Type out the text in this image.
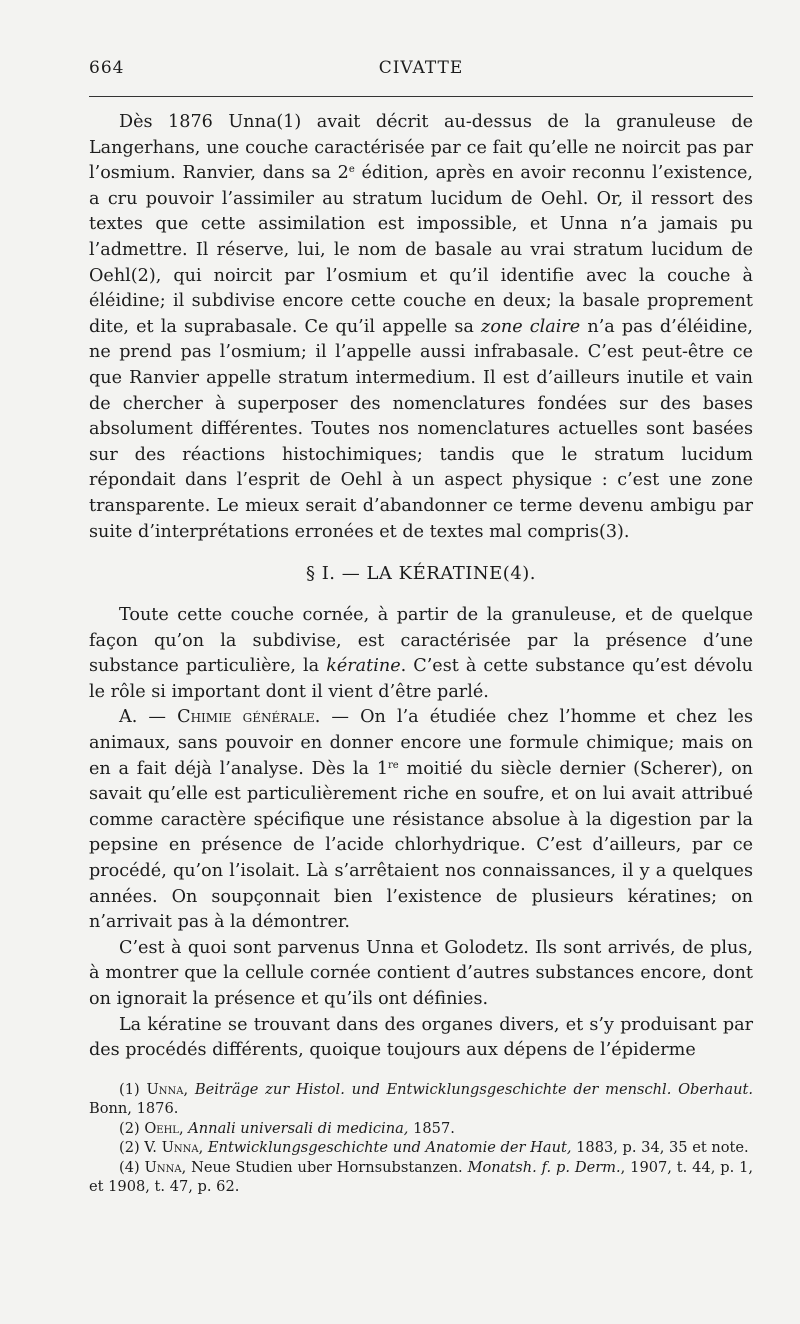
664	CIVATTE

Dès 1876 Unna(1) avait décrit au-dessus de la granuleuse de Langerhans, une couche caractérisée par ce fait qu’elle ne noircit pas par l’osmium. Ranvier, dans sa 2e édition, après en avoir reconnu l’existence, a cru pouvoir l’assimiler au stratum lucidum de Oehl. Or, il ressort des textes que cette assimilation est impossible, et Unna n’a jamais pu l’admettre. Il réserve, lui, le nom de basale au vrai stratum lucidum de Oehl(2), qui noircit par l’osmium et qu’il identifie avec la couche à éléidine; il subdivise encore cette couche en deux; la basale proprement dite, et la suprabasale. Ce qu’il appelle sa zone claire n’a pas d’éléidine, ne prend pas l’osmium; il l’appelle aussi infrabasale. C’est peut-être ce que Ranvier appelle stratum intermedium. Il est d’ailleurs inutile et vain de chercher à superposer des nomenclatures fondées sur des bases absolument différentes. Toutes nos nomenclatures actuelles sont basées sur des réactions histochimiques; tandis que le stratum lucidum répondait dans l’esprit de Oehl à un aspect physique : c’est une zone transparente. Le mieux serait d’abandonner ce terme devenu ambigu par suite d’interprétations erronées et de textes mal compris(3).

§ I. — LA KÉRATINE(4).

Toute cette couche cornée, à partir de la granuleuse, et de quelque façon qu’on la subdivise, est caractérisée par la présence d’une substance particulière, la kératine. C’est à cette substance qu’est dévolu le rôle si important dont il vient d’être parlé.

A. — Chimie générale. — On l’a étudiée chez l’homme et chez les animaux, sans pouvoir en donner encore une formule chimique; mais on en a fait déjà l’analyse. Dès la 1re moitié du siècle dernier (Scherer), on savait qu’elle est particulièrement riche en soufre, et on lui avait attribué comme caractère spécifique une résistance absolue à la digestion par la pepsine en présence de l’acide chlorhydrique. C’est d’ailleurs, par ce procédé, qu’on l’isolait. Là s’arrêtaient nos connaissances, il y a quelques années. On soupçonnait bien l’existence de plusieurs kératines; on n’arrivait pas à la démontrer.

C’est à quoi sont parvenus Unna et Golodetz. Ils sont arrivés, de plus, à montrer que la cellule cornée contient d’autres substances encore, dont on ignorait la présence et qu’ils ont définies.

La kératine se trouvant dans des organes divers, et s’y produisant par des procédés différents, quoique toujours aux dépens de l’épiderme

(1) Unna, Beiträge zur Histol. und Entwicklungsgeschichte der menschl. Oberhaut. Bonn, 1876.

(2) Oehl, Annali universali di medicina, 1857.

(2) V. Unna, Entwicklungsgeschichte und Anatomie der Haut, 1883, p. 34, 35 et note.

(4) Unna, Neue Studien uber Hornsubstanzen. Monatsh. f. p. Derm., 1907, t. 44, p. 1, et 1908, t. 47, p. 62.
